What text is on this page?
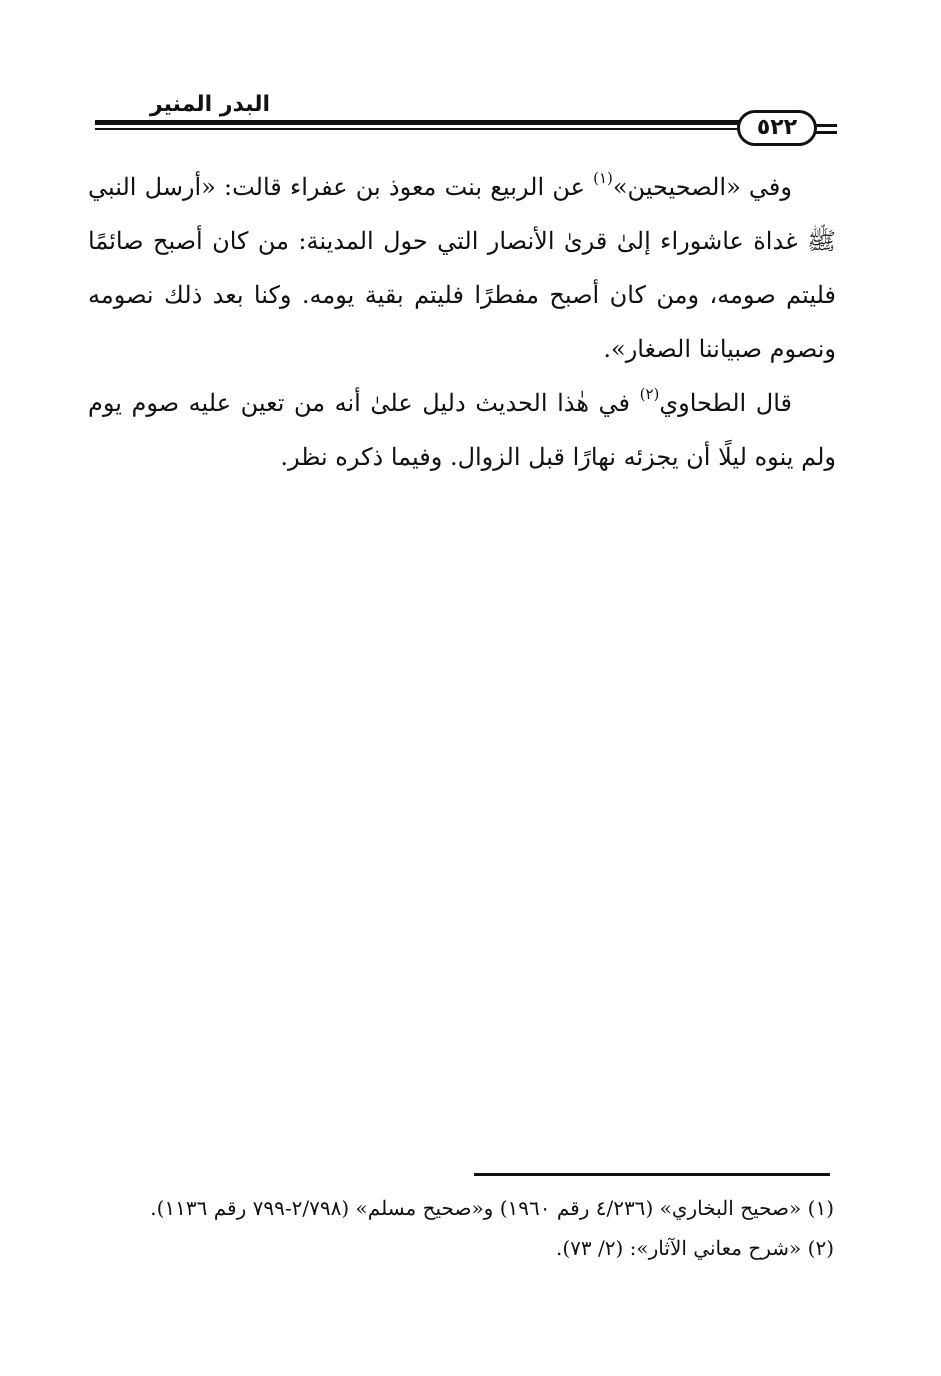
البدر المنير
٥٢٢

وفي «الصحيحين»$^{(١)}$ عن الربيع بنت معوذ بن عفراء قالت: «أرسل النبي ﷺ غداة عاشوراء إلىٰ قرىٰ الأنصار التي حول المدينة: من كان أصبح صائمًا فليتم صومه، ومن كان أصبح مفطرًا فليتم بقية يومه. وكنا بعد ذلك نصومه ونصوم صبياننا الصغار».

قال الطحاوي$^{(٢)}$ في هٰذا الحديث دليل علىٰ أنه من تعين عليه صوم يوم ولم ينوه ليلًا أن يجزئه نهارًا قبل الزوال. وفيما ذكره نظر.

(١) «صحيح البخاري» (٤/٢٣٦ رقم ١٩٦٠) و«صحيح مسلم» (٢/٧٩٨-٧٩٩ رقم ١١٣٦).

(٢) «شرح معاني الآثار»: (٢/ ٧٣).
